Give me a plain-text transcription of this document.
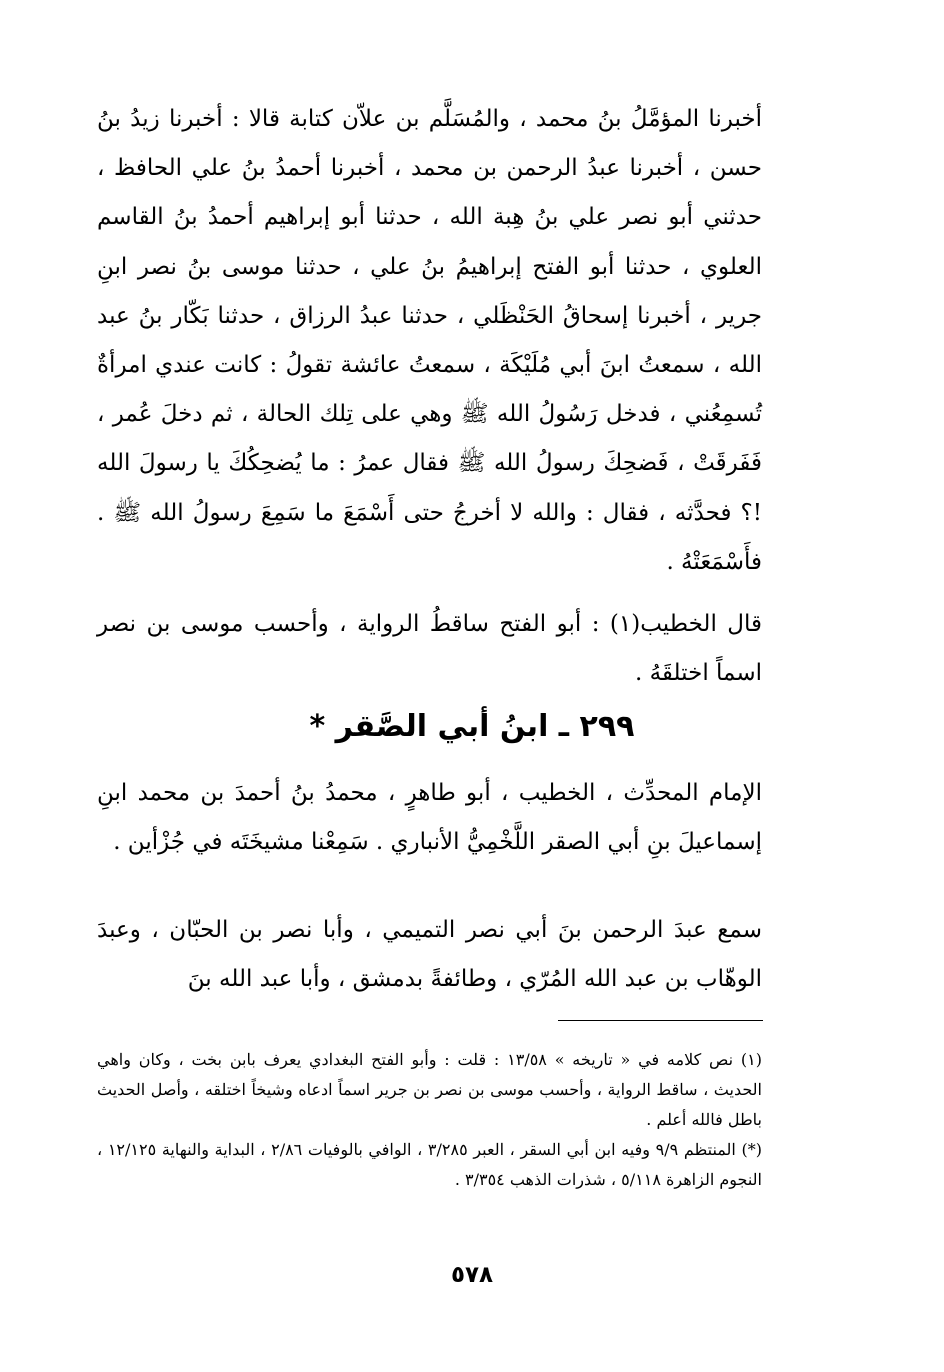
أخبرنا المؤمَّلُ بنُ محمد ، والمُسَلَّم بن علاّن كتابة قالا : أخبرنا زيدُ بنُ حسن ، أخبرنا عبدُ الرحمن بن محمد ، أخبرنا أحمدُ بنُ علي الحافظ ، حدثني أبو نصر علي بنُ هِبة الله ، حدثنا أبو إبراهيم أحمدُ بنُ القاسم العلوي ، حدثنا أبو الفتح إبراهيمُ بنُ علي ، حدثنا موسى بنُ نصر ابنِ جرير ، أخبرنا إسحاقُ الحَنْظَلي ، حدثنا عبدُ الرزاق ، حدثنا بَكّار بنُ عبد الله ، سمعتُ ابنَ أبي مُلَيْكَة ، سمعتُ عائشة تقولُ : كانت عندي امرأةٌ تُسمِعُني ، فدخل رَسُولُ الله ﷺ وهي على تِلك الحالة ، ثم دخلَ عُمر ، فَفَرقَتْ ، فَضحِكَ رسولُ الله ﷺ فقال عمرُ : ما يُضحِكُكَ يا رسولَ الله !؟ فحدَّثه ، فقال : والله لا أخرجُ حتى أَسْمَعَ ما سَمِعَ رسولُ الله ﷺ . فأَسْمَعَتْهُ .

قال الخطيب(١) : أبو الفتح ساقطُ الرواية ، وأحسب موسى بن نصر اسماً اختلقَهُ .

٢٩٩ ـ ابنُ أبي الصَّقر *

الإمام المحدِّث ، الخطيب ، أبو طاهرٍ ، محمدُ بنُ أحمدَ بن محمد ابنِ إسماعيلَ بنِ أبي الصقر اللَّخْمِيُّ الأنباري . سَمِعْنا مشيخَتَه في جُزْأين .

سمع عبدَ الرحمن بنَ أبي نصر التميمي ، وأبا نصر بن الحبّان ، وعبدَ الوهّاب بن عبد الله المُرّي ، وطائفةً بدمشق ، وأبا عبد الله بنَ

(١) نص كلامه في « تاريخه » ١٣/٥٨ : قلت : وأبو الفتح البغدادي يعرف بابن بخت ، وكان واهي الحديث ، ساقط الرواية ، وأحسب موسى بن نصر بن جرير اسماً ادعاه وشيخاً اختلقه ، وأصل الحديث باطل فالله أعلم .

(*) المنتظم ٩/٩ وفيه ابن أبي السقر ، العبر ٣/٢٨٥ ، الوافي بالوفيات ٢/٨٦ ، البداية والنهاية ١٢/١٢٥ ، النجوم الزاهرة ٥/١١٨ ، شذرات الذهب ٣/٣٥٤ .

٥٧٨
